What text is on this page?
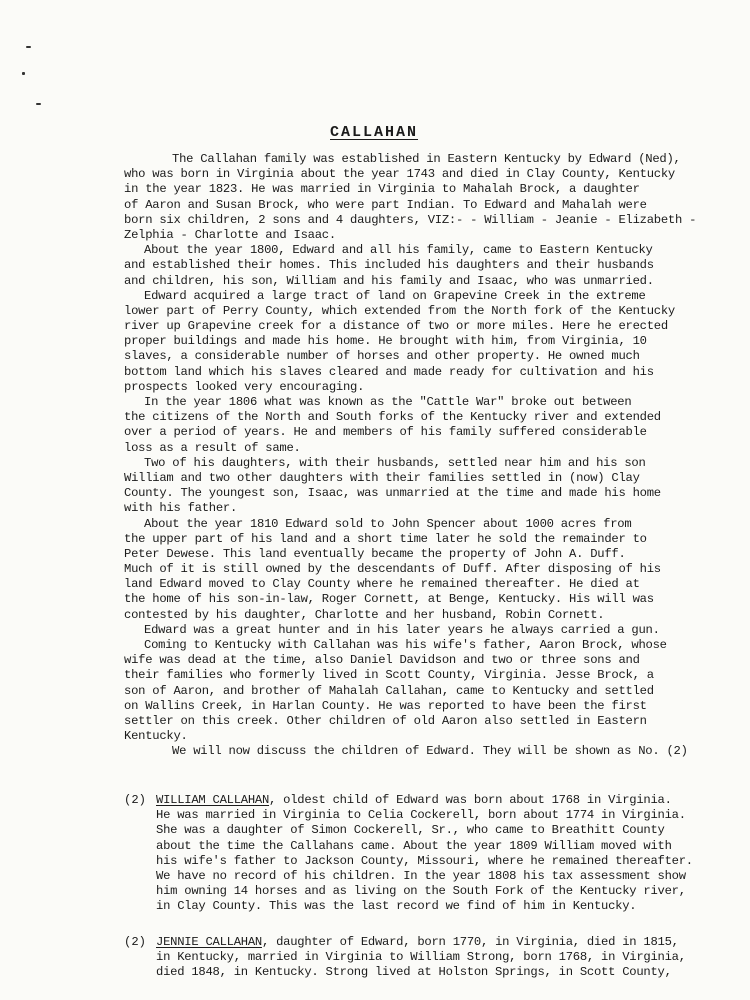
CALLAHAN
The Callahan family was established in Eastern Kentucky by Edward (Ned),
who was born in Virginia about the year 1743 and died in Clay County, Kentucky
in the year 1823. He was married in Virginia to Mahalah Brock, a daughter
of Aaron and Susan Brock, who were part Indian. To Edward and Mahalah were
born six children, 2 sons and 4 daughters, VIZ:- - William - Jeanie - Elizabeth -
Zelphia - Charlotte and Isaac.
About the year 1800, Edward and all his family, came to Eastern Kentucky
and established their homes. This included his daughters and their husbands
and children, his son, William and his family and Isaac, who was unmarried.
Edward acquired a large tract of land on Grapevine Creek in the extreme
lower part of Perry County, which extended from the North fork of the Kentucky
river up Grapevine creek for a distance of two or more miles. Here he erected
proper buildings and made his home. He brought with him, from Virginia, 10
slaves, a considerable number of horses and other property. He owned much
bottom land which his slaves cleared and made ready for cultivation and his
prospects looked very encouraging.
In the year 1806 what was known as the "Cattle War" broke out between
the citizens of the North and South forks of the Kentucky river and extended
over a period of years. He and members of his family suffered considerable
loss as a result of same.
Two of his daughters, with their husbands, settled near him and his son
William and two other daughters with their families settled in (now) Clay
County. The youngest son, Isaac, was unmarried at the time and made his home
with his father.
About the year 1810 Edward sold to John Spencer about 1000 acres from
the upper part of his land and a short time later he sold the remainder to
Peter Dewese. This land eventually became the property of John A. Duff.
Much of it is still owned by the descendants of Duff. After disposing of his
land Edward moved to Clay County where he remained thereafter. He died at
the home of his son-in-law, Roger Cornett, at Benge, Kentucky. His will was
contested by his daughter, Charlotte and her husband, Robin Cornett.
Edward was a great hunter and in his later years he always carried a gun.
Coming to Kentucky with Callahan was his wife's father, Aaron Brock, whose
wife was dead at the time, also Daniel Davidson and two or three sons and
their families who formerly lived in Scott County, Virginia. Jesse Brock, a
son of Aaron, and brother of Mahalah Callahan, came to Kentucky and settled
on Wallins Creek, in Harlan County. He was reported to have been the first
settler on this creek. Other children of old Aaron also settled in Eastern
Kentucky.
We will now discuss the children of Edward. They will be shown as No. (2)
(2) WILLIAM CALLAHAN, oldest child of Edward was born about 1768 in Virginia.
He was married in Virginia to Celia Cockerell, born about 1774 in Virginia.
She was a daughter of Simon Cockerell, Sr., who came to Breathitt County
about the time the Callahans came. About the year 1809 William moved with
his wife's father to Jackson County, Missouri, where he remained thereafter.
We have no record of his children. In the year 1808 his tax assessment show
him owning 14 horses and as living on the South Fork of the Kentucky river,
in Clay County. This was the last record we find of him in Kentucky.
(2) JENNIE CALLAHAN, daughter of Edward, born 1770, in Virginia, died in 1815,
in Kentucky, married in Virginia to William Strong, born 1768, in Virginia,
died 1848, in Kentucky. Strong lived at Holston Springs, in Scott County,
